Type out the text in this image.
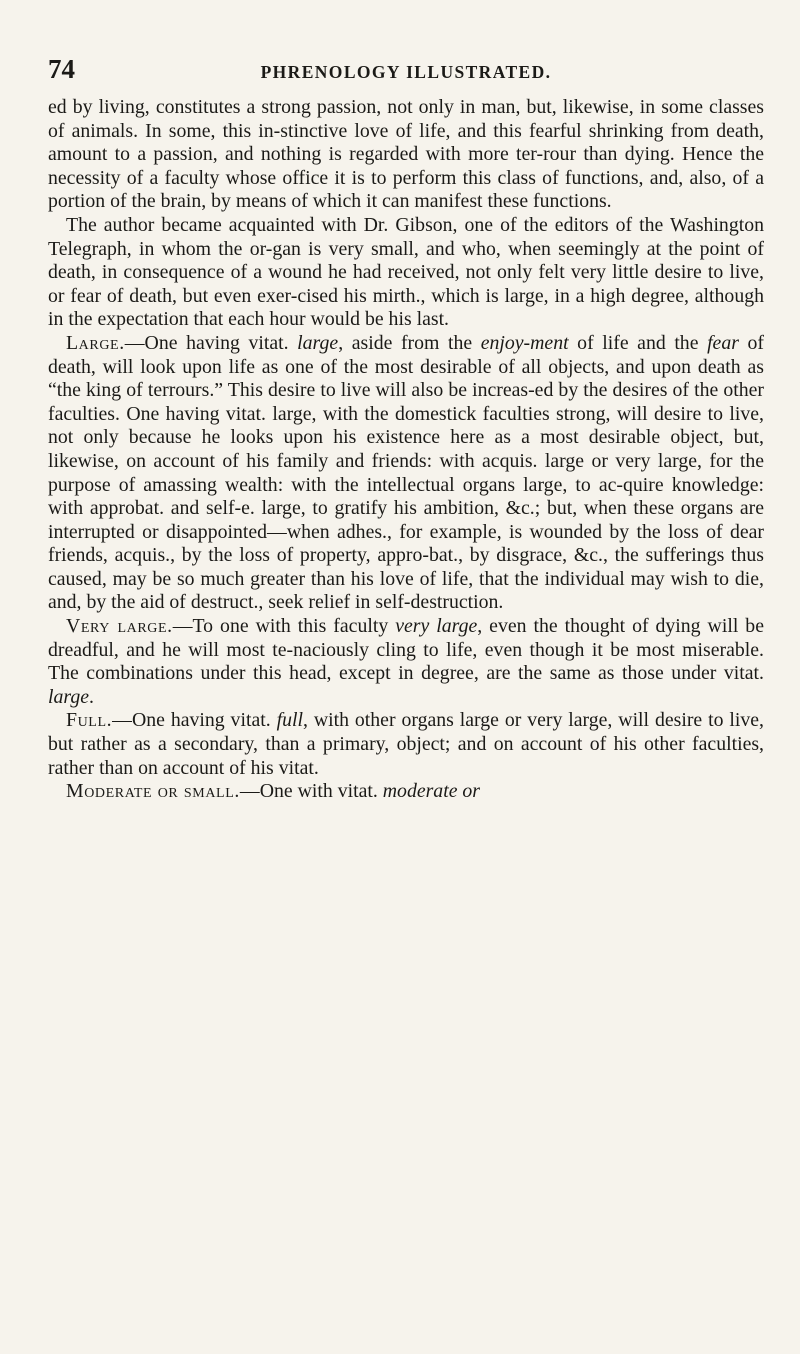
74	PHRENOLOGY ILLUSTRATED.

ed by living, constitutes a strong passion, not only in man, but, likewise, in some classes of animals. In some, this in-stinctive love of life, and this fearful shrinking from death, amount to a passion, and nothing is regarded with more ter-rour than dying. Hence the necessity of a faculty whose office it is to perform this class of functions, and, also, of a portion of the brain, by means of which it can manifest these functions.

The author became acquainted with Dr. Gibson, one of the editors of the Washington Telegraph, in whom the or-gan is very small, and who, when seemingly at the point of death, in consequence of a wound he had received, not only felt very little desire to live, or fear of death, but even exer-cised his mirth., which is large, in a high degree, although in the expectation that each hour would be his last.

Large.—One having vitat. large, aside from the enjoy-ment of life and the fear of death, will look upon life as one of the most desirable of all objects, and upon death as “the king of terrours.” This desire to live will also be increas-ed by the desires of the other faculties. One having vitat. large, with the domestick faculties strong, will desire to live, not only because he looks upon his existence here as a most desirable object, but, likewise, on account of his family and friends: with acquis. large or very large, for the purpose of amassing wealth: with the intellectual organs large, to ac-quire knowledge: with approbat. and self-e. large, to gratify his ambition, &c.; but, when these organs are interrupted or disappointed—when adhes., for example, is wounded by the loss of dear friends, acquis., by the loss of property, appro-bat., by disgrace, &c., the sufferings thus caused, may be so much greater than his love of life, that the individual may wish to die, and, by the aid of destruct., seek relief in self-destruction.

Very large.—To one with this faculty very large, even the thought of dying will be dreadful, and he will most te-naciously cling to life, even though it be most miserable. The combinations under this head, except in degree, are the same as those under vitat. large.

Full.—One having vitat. full, with other organs large or very large, will desire to live, but rather as a secondary, than a primary, object; and on account of his other faculties, rather than on account of his vitat.

Moderate or small.—One with vitat. moderate or
